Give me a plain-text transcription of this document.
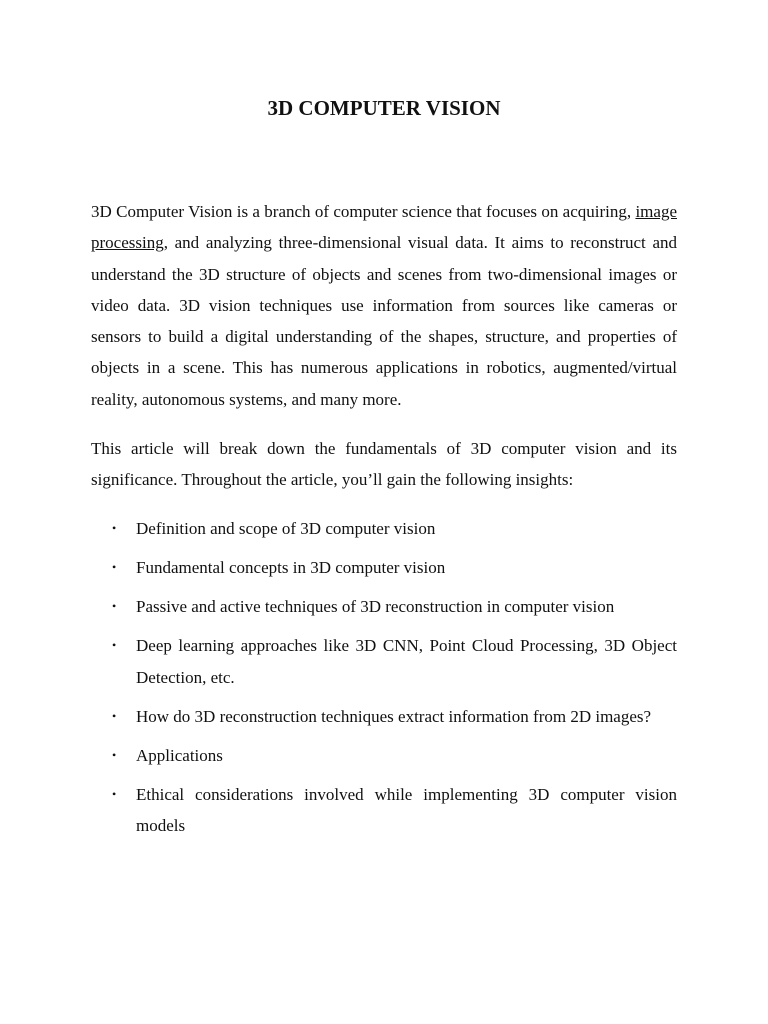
3D COMPUTER VISION

3D Computer Vision is a branch of computer science that focuses on acquiring, image processing, and analyzing three-dimensional visual data. It aims to reconstruct and understand the 3D structure of objects and scenes from two-dimensional images or video data. 3D vision techniques use information from sources like cameras or sensors to build a digital understanding of the shapes, structure, and properties of objects in a scene. This has numerous applications in robotics, augmented/virtual reality, autonomous systems, and many more.

This article will break down the fundamentals of 3D computer vision and its significance. Throughout the article, you’ll gain the following insights:

• Definition and scope of 3D computer vision
• Fundamental concepts in 3D computer vision
• Passive and active techniques of 3D reconstruction in computer vision
• Deep learning approaches like 3D CNN, Point Cloud Processing, 3D Object Detection, etc.
• How do 3D reconstruction techniques extract information from 2D images?
• Applications
• Ethical considerations involved while implementing 3D computer vision models
